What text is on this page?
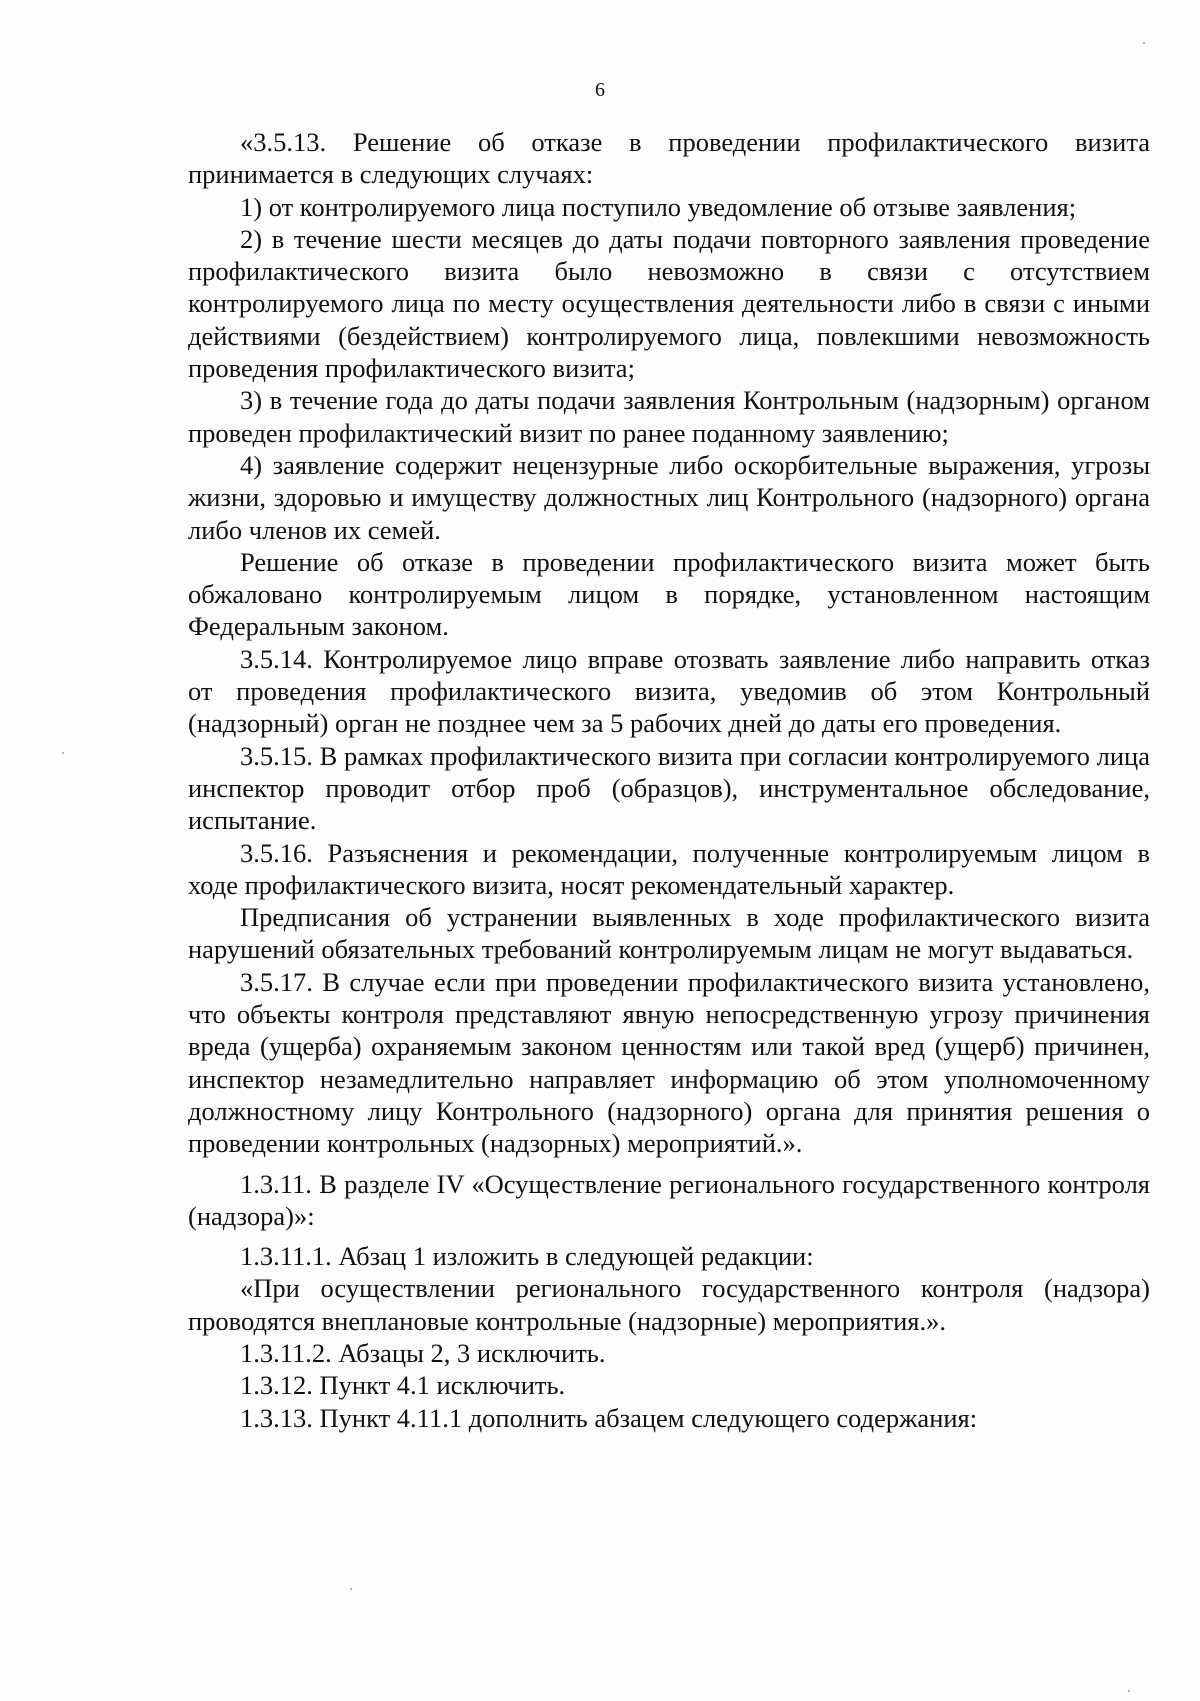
6

«3.5.13. Решение об отказе в проведении профилактического визита принимается в следующих случаях:

1) от контролируемого лица поступило уведомление об отзыве заявления;

2) в течение шести месяцев до даты подачи повторного заявления проведение профилактического визита было невозможно в связи с отсутствием контролируемого лица по месту осуществления деятельности либо в связи с иными действиями (бездействием) контролируемого лица, повлекшими невозможность проведения профилактического визита;

3) в течение года до даты подачи заявления Контрольным (надзорным) органом проведен профилактический визит по ранее поданному заявлению;

4) заявление содержит нецензурные либо оскорбительные выражения, угрозы жизни, здоровью и имуществу должностных лиц Контрольного (надзорного) органа либо членов их семей.

Решение об отказе в проведении профилактического визита может быть обжаловано контролируемым лицом в порядке, установленном настоящим Федеральным законом.

3.5.14. Контролируемое лицо вправе отозвать заявление либо направить отказ от проведения профилактического визита, уведомив об этом Контрольный (надзорный) орган не позднее чем за 5 рабочих дней до даты его проведения.

3.5.15. В рамках профилактического визита при согласии контролируемого лица инспектор проводит отбор проб (образцов), инструментальное обследование, испытание.

3.5.16. Разъяснения и рекомендации, полученные контролируемым лицом в ходе профилактического визита, носят рекомендательный характер.

Предписания об устранении выявленных в ходе профилактического визита нарушений обязательных требований контролируемым лицам не могут выдаваться.

3.5.17. В случае если при проведении профилактического визита установлено, что объекты контроля представляют явную непосредственную угрозу причинения вреда (ущерба) охраняемым законом ценностям или такой вред (ущерб) причинен, инспектор незамедлительно направляет информацию об этом уполномоченному должностному лицу Контрольного (надзорного) органа для принятия решения о проведении контрольных (надзорных) мероприятий.».

1.3.11. В разделе IV «Осуществление регионального государственного контроля (надзора)»:

1.3.11.1. Абзац 1 изложить в следующей редакции:

«При осуществлении регионального государственного контроля (надзора) проводятся внеплановые контрольные (надзорные) мероприятия.».

1.3.11.2. Абзацы 2, 3 исключить.

1.3.12. Пункт 4.1 исключить.

1.3.13. Пункт 4.11.1 дополнить абзацем следующего содержания:
